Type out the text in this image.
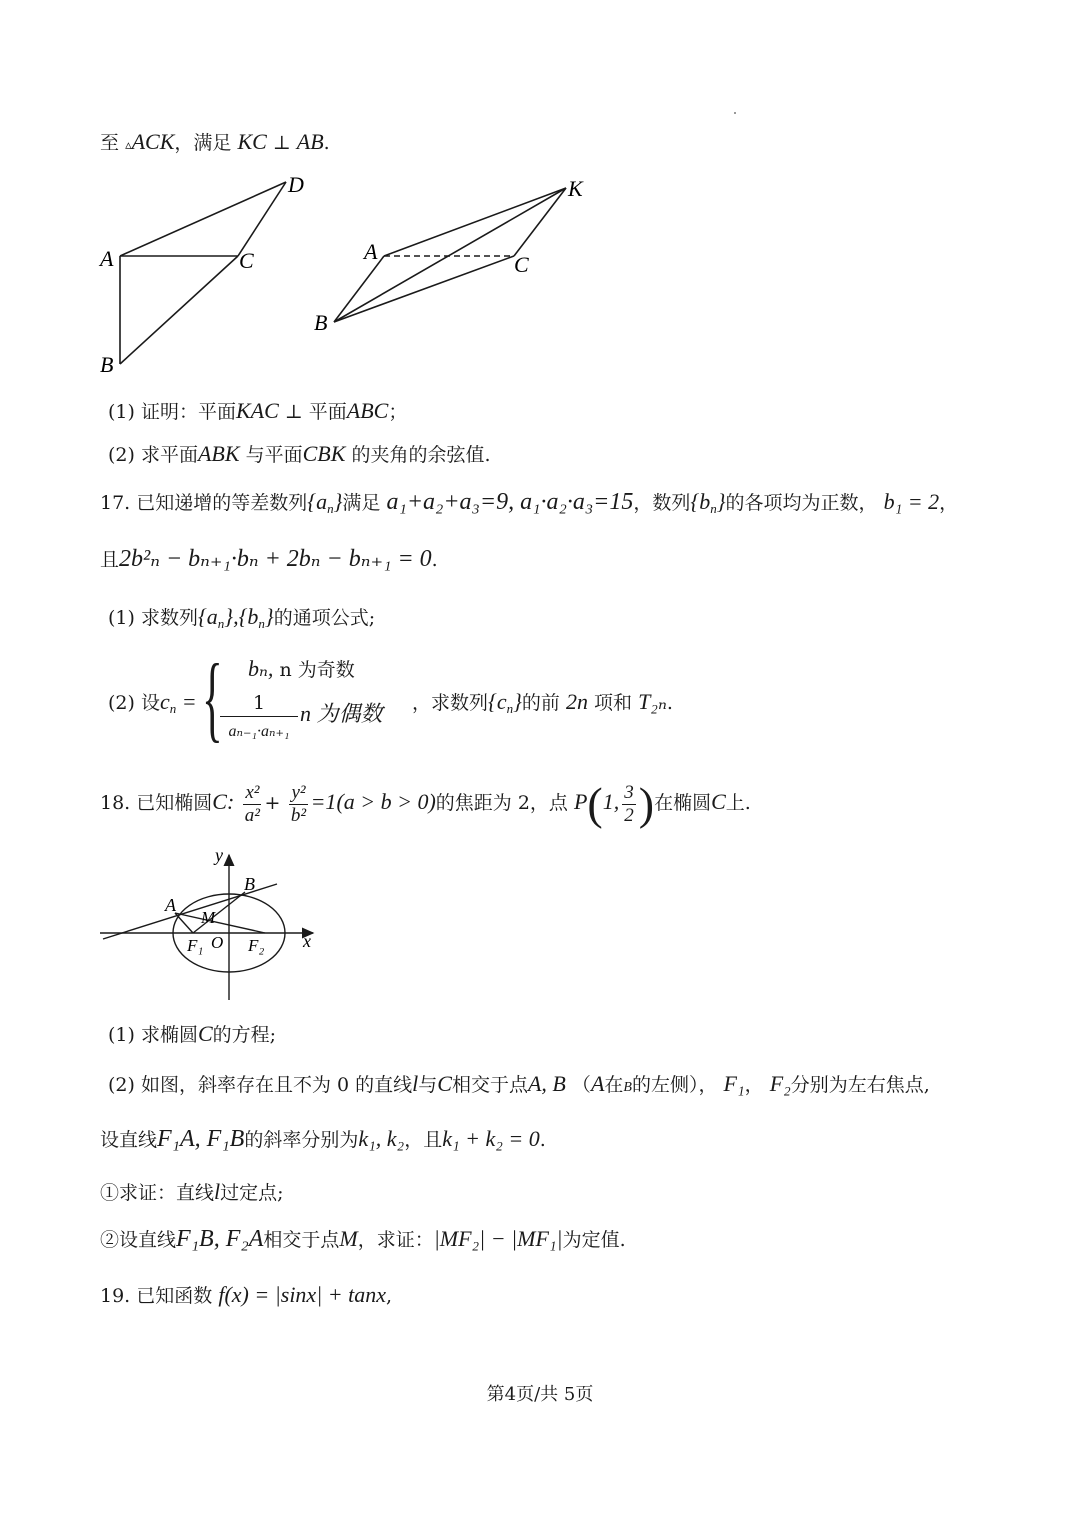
至 ▵ACK，满足 KC ⊥ AB.
A
B
C
D
A
B
C
K
(1) 证明：平面KAC ⊥ 平面ABC；
(2) 求平面ABK 与平面CBK 的夹角的余弦值.
17. 已知递增的等差数列$\{a_n\}$满足 a₁+a₂+a₃=9, a₁·a₂·a₃=15，数列$\{b_n\}$的各项均为正数， b₁ = 2，
且2b²ₙ − bₙ₊₁·bₙ + 2bₙ − bₙ₊₁ = 0.
(1) 求数列$\{a_n\},\{b_n\}$的通项公式;
(2) 设$c_n$ = { bₙ, n 为奇数
1
aₙ₋₁·aₙ₊₁
n 为偶数 ，求数列$\{c_n\}$的前 2n 项和 T₂ₙ.
18. 已知椭圆C: $\frac{\text{x²}}{\text{a²}} + \frac{\text{y²}}{\text{b²}} =1(a > b > 0)$的焦距为 2，点 P(1, $\frac{3}{2}$ )在椭圆C上.
y
x
A
B
M
F₁ O F₂
(1) 求椭圆C的方程;
(2) 如图，斜率存在且不为 0 的直线l与C相交于点A, B （A在B的左侧）， F₁， F₂分别为左右焦点,
设直线F₁A, F₁B的斜率分别为k₁, k₂，且k₁ + k₂ = 0.
①求证：直线l过定点;
②设直线F₁B, F₂A相交于点M，求证：|MF₂| − |MF₁|为定值.
19. 已知函数 f(x) = |sinx| + tanx,
第4页/共 5页
